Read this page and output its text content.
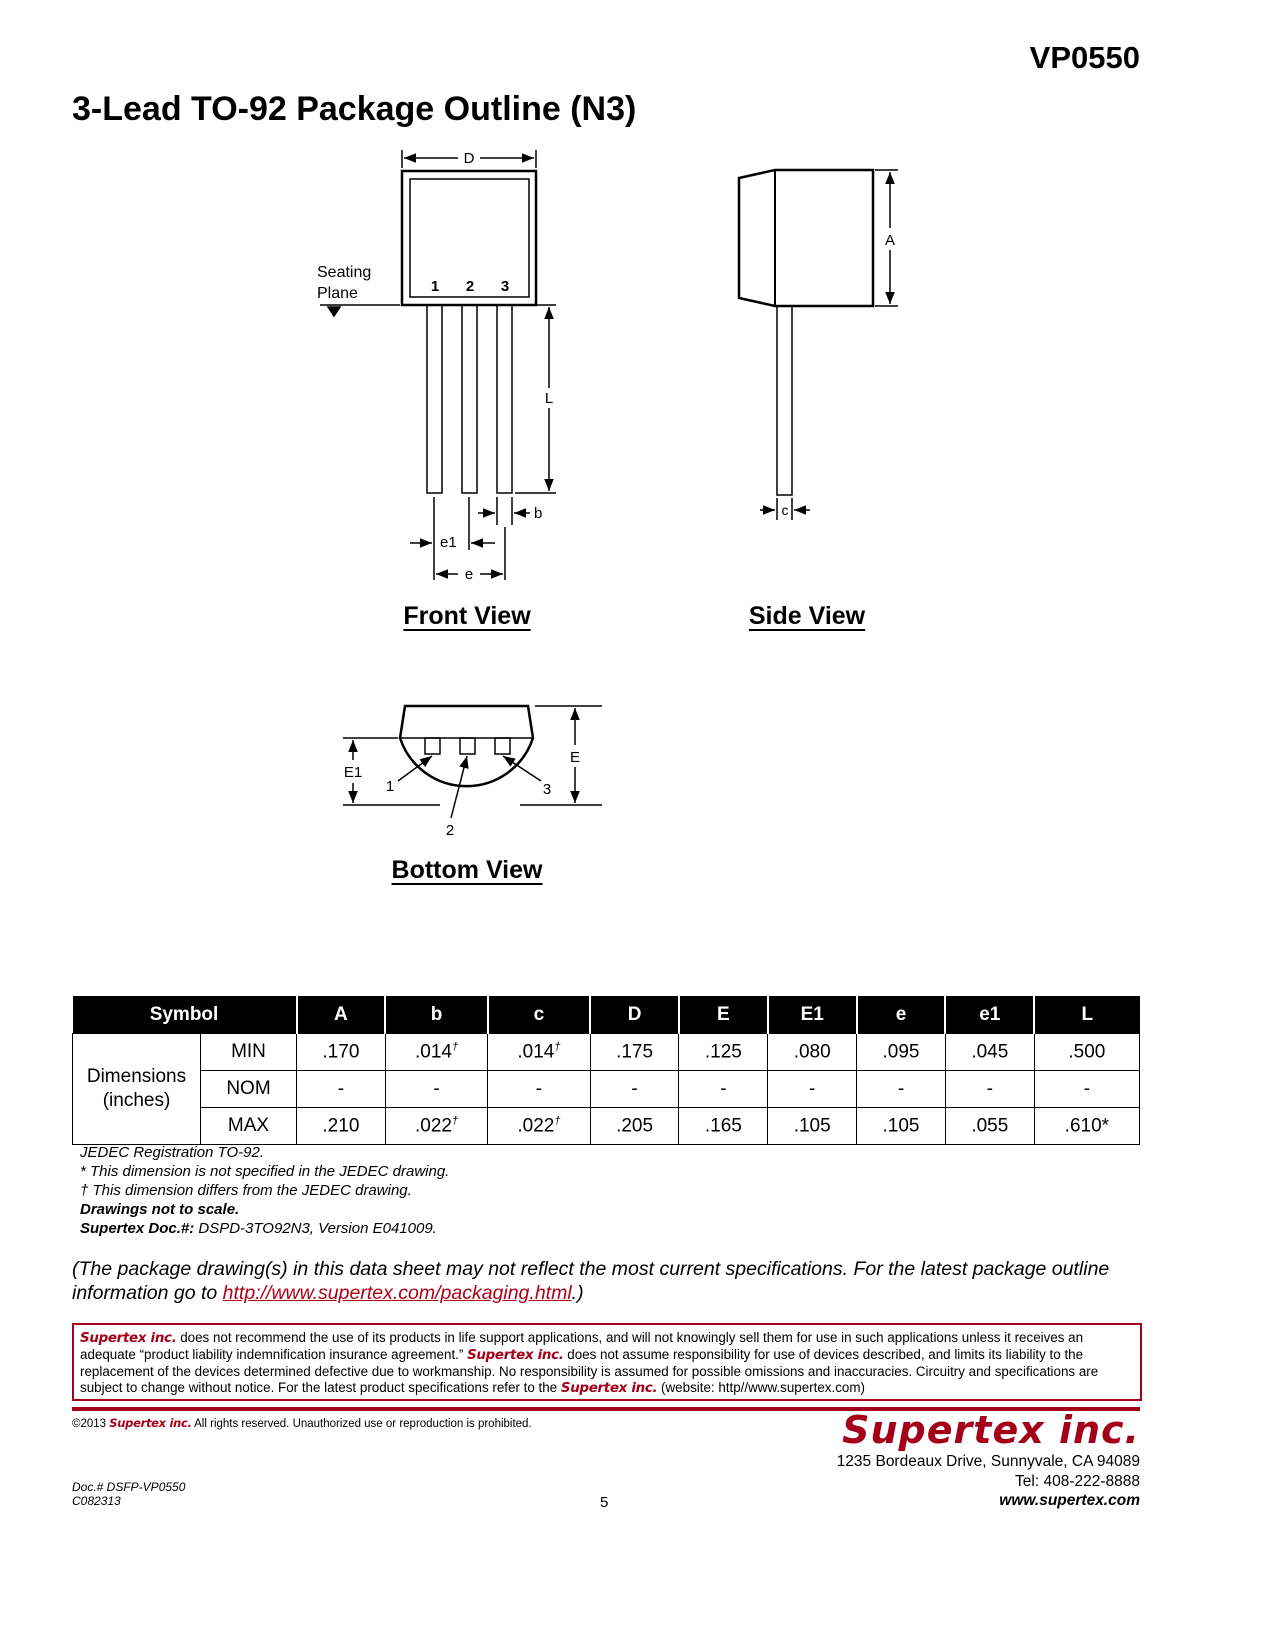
VP0550
3-Lead TO-92 Package Outline (N3)
D
Seating
Plane	1 2 3
L
b
e1
e
A
c
E
E1
1
2
3
Front View	Side View
Bottom View
Symbol		A	b	c	D	E	E1	e	e1	L
Dimensions
(inches)	MIN	.170	.014†	.014†	.175	.125	.080	.095	.045	.500
	NOM	-	-	-	-	-	-	-	-	-
	MAX	.210	.022†	.022†	.205	.165	.105	.105	.055	.610*
JEDEC Registration TO-92.
* This dimension is not specified in the JEDEC drawing.
† This dimension differs from the JEDEC drawing.
Drawings not to scale.
Supertex Doc.#: DSPD-3TO92N3, Version E041009.
(The package drawing(s) in this data sheet may not reflect the most current specifications. For the latest package outline information go to http://www.supertex.com/packaging.html.)
Supertex inc. does not recommend the use of its products in life support applications, and will not knowingly sell them for use in such applications unless it receives an adequate “product liability indemnification insurance agreement.” Supertex inc. does not assume responsibility for use of devices described, and limits its liability to the replacement of the devices determined defective due to workmanship. No responsibility is assumed for possible omissions and inaccuracies. Circuitry and specifications are subject to change without notice. For the latest product specifications refer to the Supertex inc. (website: http//www.supertex.com)
©2013 Supertex inc. All rights reserved. Unauthorized use or reproduction is prohibited.	Supertex inc.
1235 Bordeaux Drive, Sunnyvale, CA 94089
Tel: 408-222-8888
www.supertex.com
Doc.# DSFP-VP0550
C082313	5
